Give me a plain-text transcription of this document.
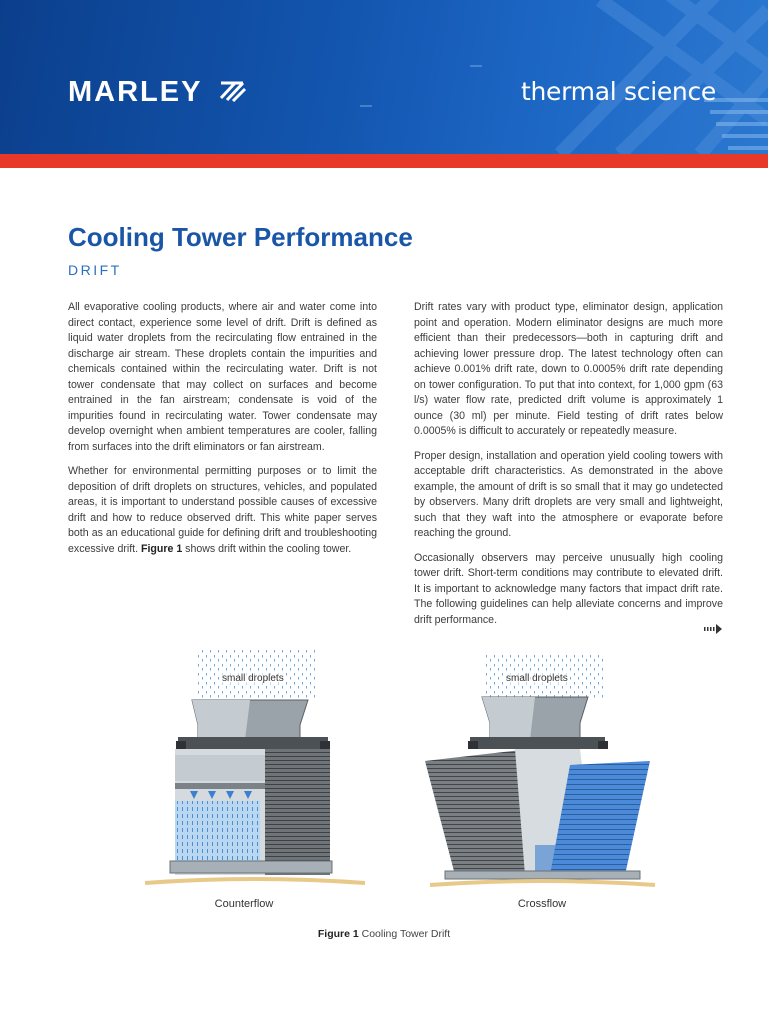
MARLEY	thermal science
Cooling Tower Performance
DRIFT

All evaporative cooling products, where air and water come into direct contact, experience some level of drift. Drift is defined as liquid water droplets from the recirculating flow entrained in the discharge air stream. These droplets contain the impurities and chemicals contained within the recirculating water. Drift is not tower condensate that may collect on surfaces and become entrained in the fan airstream; condensate is void of the impurities found in recirculating water. Tower condensate may develop overnight when ambient temperatures are cooler, falling from surfaces into the drift eliminators or fan airstream.

Whether for environmental permitting purposes or to limit the deposition of drift droplets on structures, vehicles, and populated areas, it is important to understand possible causes of excessive drift and how to reduce observed drift. This white paper serves both as an educational guide for defining drift and troubleshooting excessive drift. Figure 1 shows drift within the cooling tower.

Drift rates vary with product type, eliminator design, application point and operation. Modern eliminator designs are much more efficient than their predecessors—both in capturing drift and achieving lower pressure drop. The latest technology often can achieve 0.001% drift rate, down to 0.0005% drift rate depending on tower configuration. To put that into context, for 1,000 gpm (63 l/s) water flow rate, predicted drift volume is approximately 1 ounce (30 ml) per minute. Field testing of drift rates below 0.0005% is difficult to accurately or repeatedly measure.

Proper design, installation and operation yield cooling towers with acceptable drift characteristics. As demonstrated in the above example, the amount of drift is so small that it may go undetected by observers. Many drift droplets are very small and lightweight, such that they waft into the atmosphere or evaporate before reaching the ground.

Occasionally observers may perceive unusually high cooling tower drift. Short-term conditions may contribute to elevated drift. It is important to acknowledge many factors that impact drift rate. The following guidelines can help alleviate concerns and improve drift performance.

small droplets	small droplets
Counterflow	Crossflow
Figure 1 Cooling Tower Drift
